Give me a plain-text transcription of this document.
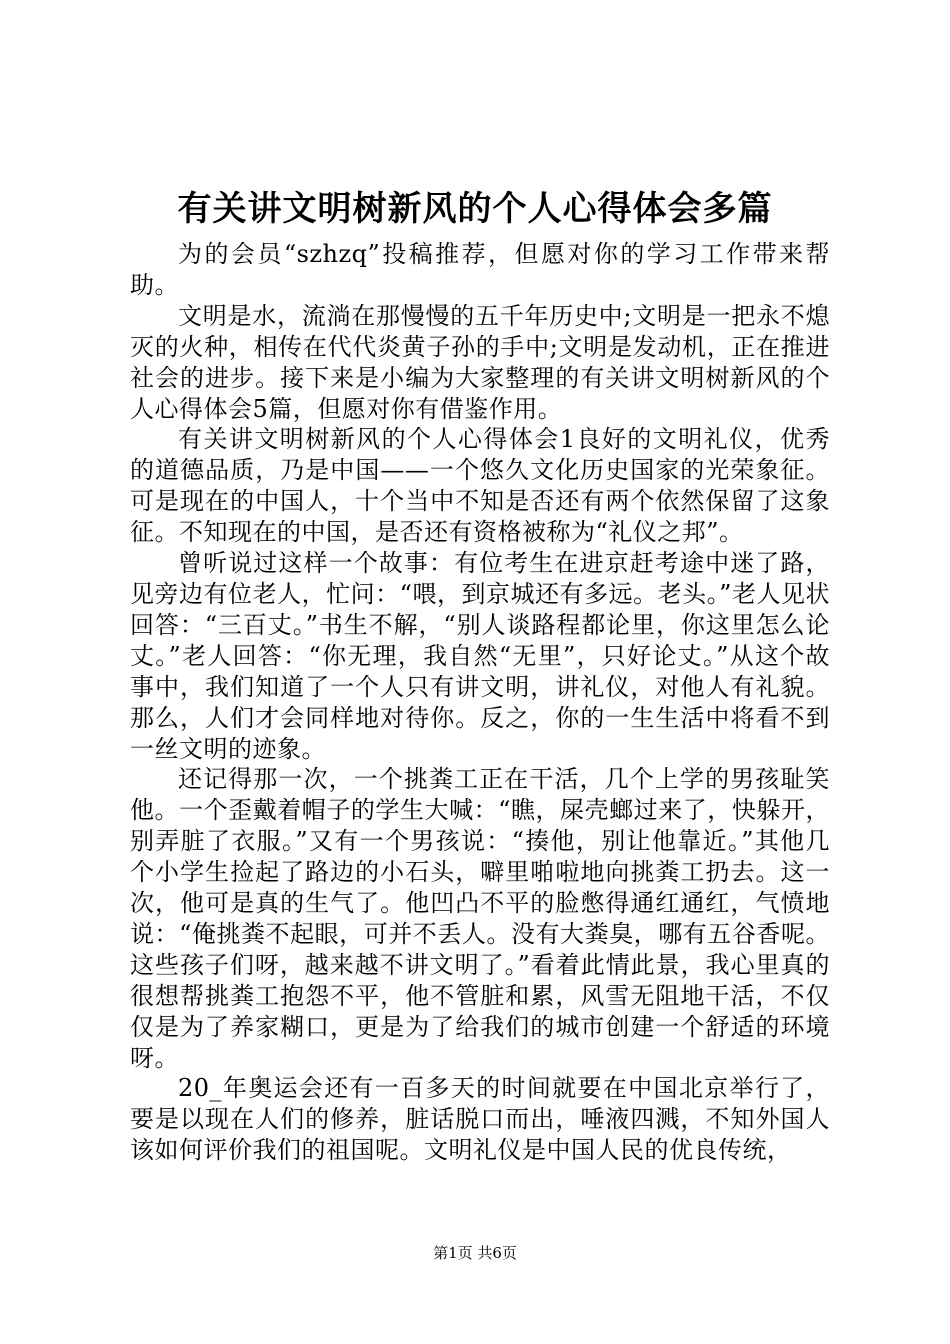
有关讲文明树新风的个人心得体会多篇

为的会员“szhzq”投稿推荐，但愿对你的学习工作带来帮助。

文明是水，流淌在那慢慢的五千年历史中;文明是一把永不熄灭的火种，相传在代代炎黄子孙的手中;文明是发动机，正在推进社会的进步。接下来是小编为大家整理的有关讲文明树新风的个人心得体会5篇，但愿对你有借鉴作用。

有关讲文明树新风的个人心得体会1良好的文明礼仪，优秀的道德品质，乃是中国——一个悠久文化历史国家的光荣象征。可是现在的中国人，十个当中不知是否还有两个依然保留了这象征。不知现在的中国，是否还有资格被称为“礼仪之邦”。

曾听说过这样一个故事：有位考生在进京赶考途中迷了路，见旁边有位老人，忙问：“喂，到京城还有多远。老头。”老人见状回答：“三百丈。”书生不解，“别人谈路程都论里，你这里怎么论丈。”老人回答：“你无理，我自然“无里”，只好论丈。”从这个故事中，我们知道了一个人只有讲文明，讲礼仪，对他人有礼貌。那么，人们才会同样地对待你。反之，你的一生生活中将看不到一丝文明的迹象。

还记得那一次，一个挑粪工正在干活，几个上学的男孩耻笑他。一个歪戴着帽子的学生大喊：“瞧，屎壳螂过来了，快躲开，别弄脏了衣服。”又有一个男孩说：“揍他，别让他靠近。”其他几个小学生捡起了路边的小石头，噼里啪啦地向挑粪工扔去。这一次，他可是真的生气了。他凹凸不平的脸憋得通红通红，气愤地说：“俺挑粪不起眼，可并不丢人。没有大粪臭，哪有五谷香呢。这些孩子们呀，越来越不讲文明了。”看着此情此景，我心里真的很想帮挑粪工抱怨不平，他不管脏和累，风雪无阻地干活，不仅仅是为了养家糊口，更是为了给我们的城市创建一个舒适的环境呀。

20_年奥运会还有一百多天的时间就要在中国北京举行了，要是以现在人们的修养，脏话脱口而出，唾液四溅，不知外国人该如何评价我们的祖国呢。文明礼仪是中国人民的优良传统，

第1页 共6页
